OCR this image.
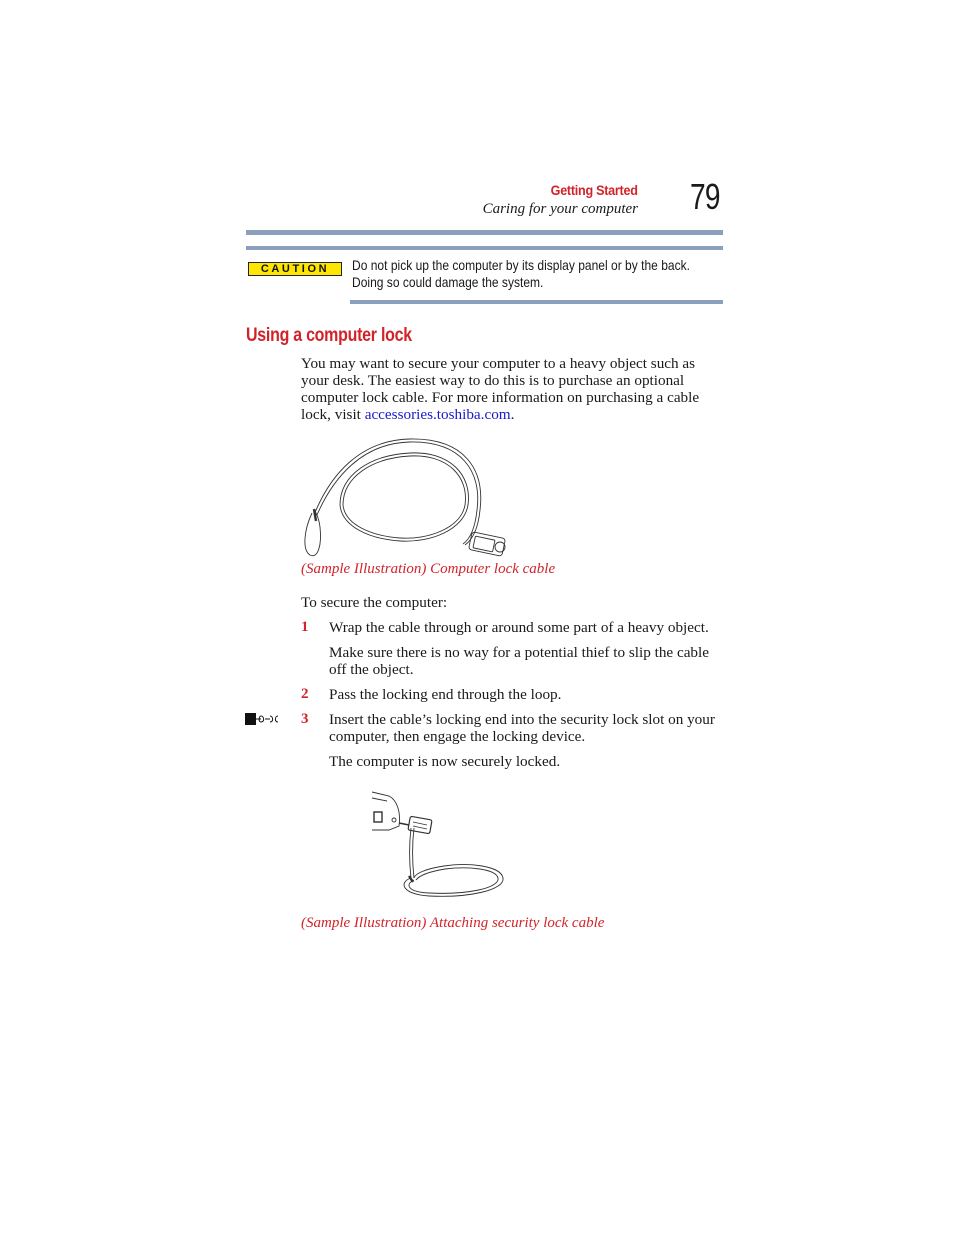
Getting Started
Caring for your computer 79
CAUTION	Do not pick up the computer by its display panel or by the back. Doing so could damage the system.
Using a computer lock
You may want to secure your computer to a heavy object such as your desk. The easiest way to do this is to purchase an optional computer lock cable. For more information on purchasing a cable lock, visit accessories.toshiba.com.
(Sample Illustration) Computer lock cable
To secure the computer:
1 Wrap the cable through or around some part of a heavy object.
Make sure there is no way for a potential thief to slip the cable off the object.
2 Pass the locking end through the loop.
3 Insert the cable’s locking end into the security lock slot on your computer, then engage the locking device.
The computer is now securely locked.
(Sample Illustration) Attaching security lock cable
